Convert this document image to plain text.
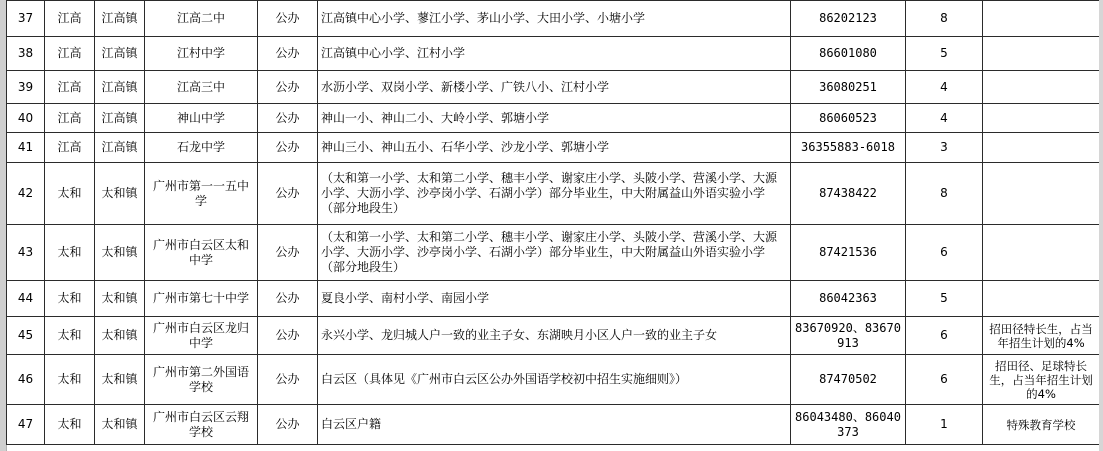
37	江高	江高镇	江高二中	公办	江高镇中心小学、蓼江小学、茅山小学、大田小学、小塘小学	86202123	8	
38	江高	江高镇	江村中学	公办	江高镇中心小学、江村小学	86601080	5	
39	江高	江高镇	江高三中	公办	水沥小学、双岗小学、新楼小学、广铁八小、江村小学	36080251	4	
40	江高	江高镇	神山中学	公办	神山一小、神山二小、大岭小学、郭塘小学	86060523	4	
41	江高	江高镇	石龙中学	公办	神山三小、神山五小、石华小学、沙龙小学、郭塘小学	36355883-6018	3	
42	太和	太和镇	广州市第一一五中学	公办	（太和第一小学、太和第二小学、穗丰小学、谢家庄小学、头陂小学、营溪小学、大源小学、大沥小学、沙亭岗小学、石湖小学）部分毕业生，中大附属益山外语实验小学（部分地段生）	87438422	8	
43	太和	太和镇	广州市白云区太和中学	公办	（太和第一小学、太和第二小学、穗丰小学、谢家庄小学、头陂小学、营溪小学、大源小学、大沥小学、沙亭岗小学、石湖小学）部分毕业生，中大附属益山外语实验小学（部分地段生）	87421536	6	
44	太和	太和镇	广州市第七十中学	公办	夏良小学、南村小学、南园小学	86042363	5	
45	太和	太和镇	广州市白云区龙归中学	公办	永兴小学、龙归城人户一致的业主子女、东湖映月小区人户一致的业主子女	83670920、83670913	6	招田径特长生，占当年招生计划的4%
46	太和	太和镇	广州市第二外国语学校	公办	白云区（具体见《广州市白云区公办外国语学校初中招生实施细则》）	87470502	6	招田径、足球特长生，占当年招生计划的4%
47	太和	太和镇	广州市白云区云翔学校	公办	白云区户籍	86043480、86040373	1	特殊教育学校
